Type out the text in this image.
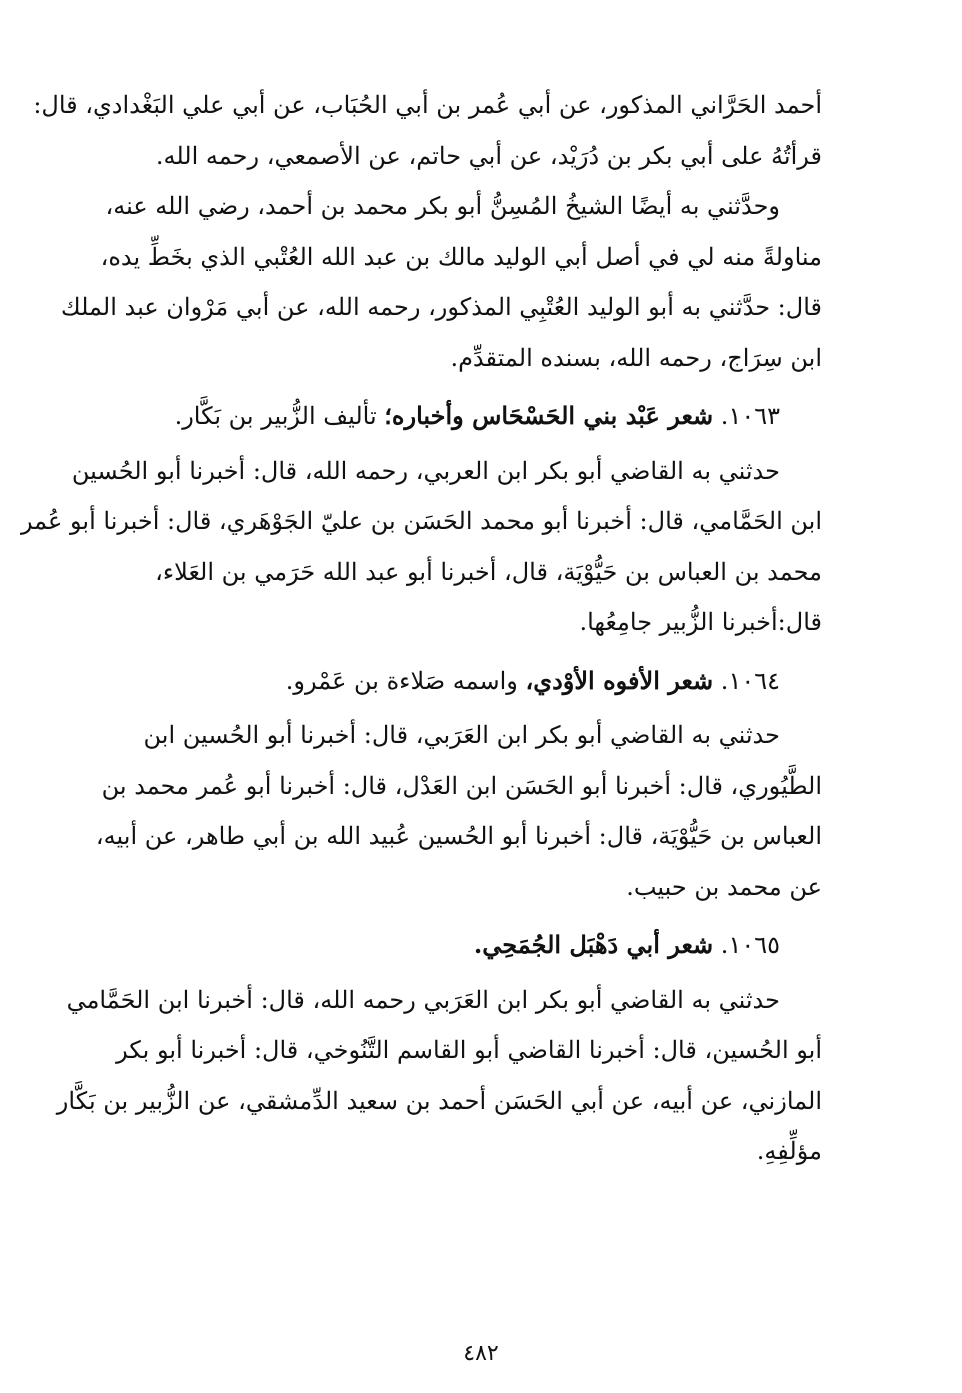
أحمد الحَرَّاني المذكور، عن أبي عُمر بن أبي الحُبَاب، عن أبي علي البَغْدادي، قال:
قرأتُهُ على أبي بكر بن دُرَيْد، عن أبي حاتم، عن الأصمعي، رحمه الله.
وحدَّثني به أيضًا الشيخُ المُسِنُّ أبو بكر محمد بن أحمد، رضي الله عنه،
مناولةً منه لي في أصل أبي الوليد مالك بن عبد الله العُتْبي الذي بخَطِّ يده،
قال: حدَّثني به أبو الوليد العُتْبِي المذكور، رحمه الله، عن أبي مَرْوان عبد الملك
ابن سِرَاج، رحمه الله، بسنده المتقدِّم.
١٠٦٣. شعر عَبْد بني الحَسْحَاس وأخباره؛ تأليف الزُّبير بن بَكَّار.
حدثني به القاضي أبو بكر ابن العربي، رحمه الله، قال: أخبرنا أبو الحُسين
ابن الحَمَّامي، قال: أخبرنا أبو محمد الحَسَن بن عليّ الجَوْهَري، قال: أخبرنا أبو عُمر
محمد بن العباس بن حَيُّوْيَة، قال، أخبرنا أبو عبد الله حَرَمي بن العَلاء،
قال:أخبرنا الزُّبير جامِعُها.
١٠٦٤. شعر الأفوه الأوْدي، واسمه صَلاءة بن عَمْرو.
حدثني به القاضي أبو بكر ابن العَرَبي، قال: أخبرنا أبو الحُسين ابن
الطَّيُوري، قال: أخبرنا أبو الحَسَن ابن العَدْل، قال: أخبرنا أبو عُمر محمد بن
العباس بن حَيُّوْيَة، قال: أخبرنا أبو الحُسين عُبيد الله بن أبي طاهر، عن أبيه،
عن محمد بن حبيب.
١٠٦٥. شعر أبي دَهْبَل الجُمَحِي.
حدثني به القاضي أبو بكر ابن العَرَبي رحمه الله، قال: أخبرنا ابن الحَمَّامي
أبو الحُسين، قال: أخبرنا القاضي أبو القاسم التَّنُوخي، قال: أخبرنا أبو بكر
المازني، عن أبيه، عن أبي الحَسَن أحمد بن سعيد الدِّمشقي، عن الزُّبير بن بَكَّار
مؤلِّفِهِ.
٤٨٢
